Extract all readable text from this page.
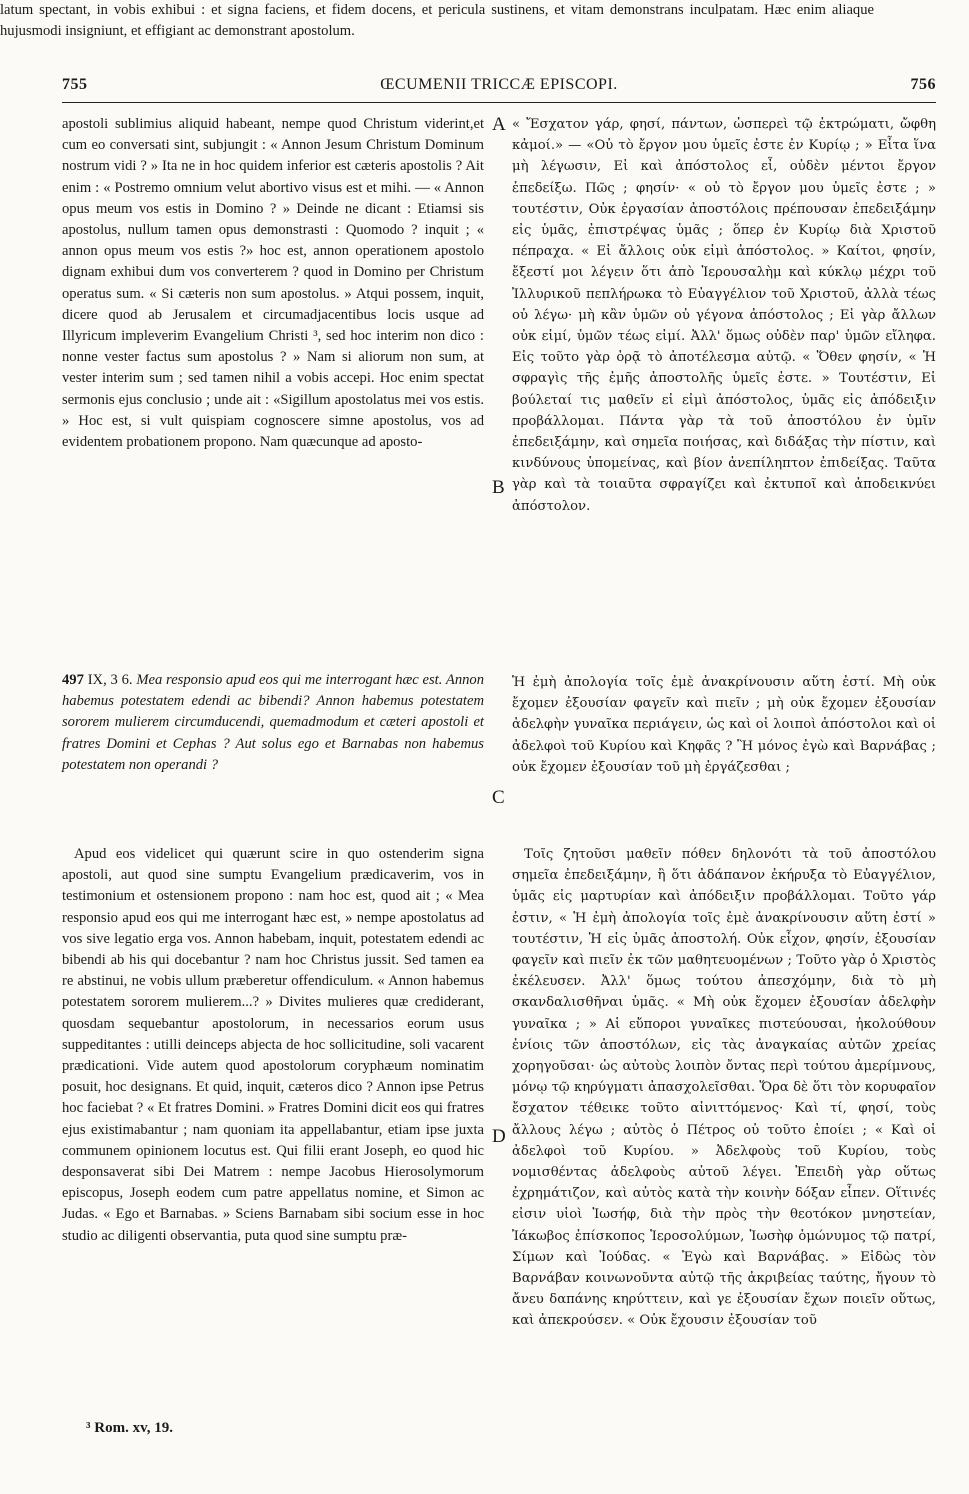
755	ŒCUMENII TRICCÆ EPISCOPI.	756

apostoli sublimius aliquid habeant, nempe quod Christum viderint,et cum eo conversati sint, subjungit : « Annon Jesum Christum Dominum nostrum vidi ? » Ita ne in hoc quidem inferior est cæteris apostolis ? Ait enim : « Postremo omnium velut abortivo visus est et mihi. — « Annon opus meum vos estis in Domino ? » Deinde ne dicant : Etiamsi sis apostolus, nullum tamen opus demonstrasti : Quomodo ? inquit ; « annon opus meum vos estis ?» hoc est, annon operationem apostolo dignam exhibui dum vos converterem ? quod in Domino per Christum operatus sum. « Si cæteris non sum apostolus. » Atqui possem, inquit, dicere quod ab Jerusalem et circumadjacentibus locis usque ad Illyricum impleverim Evangelium Christi ³, sed hoc interim non dico : nonne vester factus sum apostolus ? » Nam si aliorum non sum, at vester interim sum ; sed tamen nihil a vobis accepi. Hoc enim spectat sermonis ejus conclusio ; unde ait : «Sigillum apostolatus mei vos estis. » Hoc est, si vult quispiam cognoscere simne apostolus, vos ad evidentem probationem propono. Nam quæcunque ad aposto-

« Ἔσχατον γάρ, φησί, πάντων, ὡσπερεὶ τῷ ἐκτρώματι, ὤφθη κἀμοί.» — «Οὐ τὸ ἔργον μου ὑμεῖς ἐστε ἐν Κυρίῳ ; » Εἶτα ἵνα μὴ λέγωσιν, Εἰ καὶ ἀπόστολος εἶ, οὐδὲν μέντοι ἔργον ἐπεδείξω. Πῶς ; φησίν· « οὐ τὸ ἔργον μου ὑμεῖς ἐστε ; » τουτέστιν, Οὐκ ἐργασίαν ἀποστόλοις πρέπουσαν ἐπεδειξάμην εἰς ὑμᾶς, ἐπιστρέψας ὑμᾶς ; ὅπερ ἐν Κυρίῳ διὰ Χριστοῦ πέπραχα. « Εἰ ἄλλοις οὐκ εἰμὶ ἀπόστολος. » Καίτοι, φησίν, ἔξεστί μοι λέγειν ὅτι ἀπὸ Ἱερουσαλὴμ καὶ κύκλῳ μέχρι τοῦ Ἰλλυρικοῦ πεπλήρωκα τὸ Εὐαγγέλιον τοῦ Χριστοῦ, ἀλλὰ τέως οὐ λέγω· μὴ κἂν ὑμῶν οὐ γέγονα ἀπόστολος ; Εἰ γὰρ ἄλλων οὐκ εἰμί, ὑμῶν τέως εἰμί. Ἀλλ' ὅμως οὐδὲν παρ' ὑμῶν εἴληφα. Εἰς τοῦτο γὰρ ὁρᾷ τὸ ἀποτέλεσμα αὐτῷ. « Ὅθεν φησίν, « Ἡ σφραγὶς τῆς ἐμῆς ἀποστολῆς ὑμεῖς ἐστε. » Τουτέστιν, Εἰ βούλεταί τις μαθεῖν εἰ εἰμὶ ἀπόστολος, ὑμᾶς εἰς ἀπόδειξιν προβάλλομαι. Πάντα γὰρ τὰ τοῦ ἀποστόλου ἐν ὑμῖν ἐπεδειξάμην, καὶ σημεῖα ποιήσας, καὶ διδάξας τὴν πίστιν, καὶ κινδύνους ὑπομείνας, καὶ βίον ἀνεπίληπτον ἐπιδείξας. Ταῦτα γὰρ καὶ τὰ τοιαῦτα σφραγίζει καὶ ἐκτυποῖ καὶ ἀποδεικνύει ἀπόστολον.

A
B

latum spectant, in vobis exhibui : et signa faciens, et fidem docens, et pericula sustinens, et vitam demonstrans inculpatam. Hæc enim aliaque hujusmodi insigniunt, et effigiant ac demonstrant apostolum.

497 IX, 3 6. Mea responsio apud eos qui me interrogant hæc est. Annon habemus potestatem edendi ac bibendi? Annon habemus potestatem sororem mulierem circumducendi, quemadmodum et cæteri apostoli et fratres Domini et Cephas ? Aut solus ego et Barnabas non habemus potestatem non operandi ?

Ἡ ἐμὴ ἀπολογία τοῖς ἐμὲ ἀνακρίνουσιν αὕτη ἐστί. Μὴ οὐκ ἔχομεν ἐξουσίαν φαγεῖν καὶ πιεῖν ; μὴ οὐκ ἔχομεν ἐξουσίαν ἀδελφὴν γυναῖκα περιάγειν, ὡς καὶ οἱ λοιποὶ ἀπόστολοι καὶ οἱ ἀδελφοὶ τοῦ Κυρίου καὶ Κηφᾶς ? Ἢ μόνος ἐγὼ καὶ Βαρνάβας ; οὐκ ἔχομεν ἐξουσίαν τοῦ μὴ ἐργάζεσθαι ;

Apud eos videlicet qui quærunt scire in quo ostenderim signa apostoli, aut quod sine sumptu Evangelium prædicaverim, vos in testimonium et ostensionem propono : nam hoc est, quod ait ; « Mea responsio apud eos qui me interrogant hæc est, » nempe apostolatus ad vos sive legatio erga vos. Annon habebam, inquit, potestatem edendi ac bibendi ab his qui docebantur ? nam hoc Christus jussit. Sed tamen ea re abstinui, ne vobis ullum præberetur offendiculum. « Annon habemus potestatem sororem mulierem...? » Divites mulieres quæ crediderant, quosdam sequebantur apostolorum, in necessarios eorum usus suppeditantes : utilli deinceps abjecta de hoc sollicitudine, soli vacarent prædicationi. Vide autem quod apostolorum coryphæum nominatim posuit, hoc designans. Et quid, inquit, cæteros dico ? Annon ipse Petrus hoc faciebat ? « Et fratres Domini. » Fratres Domini dicit eos qui fratres ejus existimabantur ; nam quoniam ita appellabantur, etiam ipse juxta communem opinionem locutus est. Qui filii erant Joseph, eo quod hic desponsaverat sibi Dei Matrem : nempe Jacobus Hierosolymorum episcopus, Joseph eodem cum patre appellatus nomine, et Simon ac Judas. « Ego et Barnabas. » Sciens Barnabam sibi socium esse in hoc studio ac diligenti observantia, puta quod sine sumptu præ-

Τοῖς ζητοῦσι μαθεῖν πόθεν δηλονότι τὰ τοῦ ἀποστόλου σημεῖα ἐπεδειξάμην, ἢ ὅτι ἀδάπανον ἐκήρυξα τὸ Εὐαγγέλιον, ὑμᾶς εἰς μαρτυρίαν καὶ ἀπόδειξιν προβάλλομαι. Τοῦτο γάρ ἐστιν, « Ἡ ἐμὴ ἀπολογία τοῖς ἐμὲ ἀνακρίνουσιν αὕτη ἐστί » τουτέστιν, Ἡ εἰς ὑμᾶς ἀποστολή. Οὐκ εἶχον, φησίν, ἐξουσίαν φαγεῖν καὶ πιεῖν ἐκ τῶν μαθητευομένων ; Τοῦτο γὰρ ὁ Χριστὸς ἐκέλευσεν. Ἀλλ' ὅμως τούτου ἀπεσχόμην, διὰ τὸ μὴ σκανδαλισθῆναι ὑμᾶς. « Μὴ οὐκ ἔχομεν ἐξουσίαν ἀδελφὴν γυναῖκα ; » Αἱ εὔποροι γυναῖκες πιστεύουσαι, ἠκολούθουν ἐνίοις τῶν ἀποστόλων, εἰς τὰς ἀναγκαίας αὐτῶν χρείας χορηγοῦσαι· ὡς αὐτοὺς λοιπὸν ὄντας περὶ τούτου ἀμερίμνους, μόνῳ τῷ κηρύγματι ἀπασχολεῖσθαι. Ὅρα δὲ ὅτι τὸν κορυφαῖον ἔσχατον τέθεικε τοῦτο αἰνιττόμενος· Καὶ τί, φησί, τοὺς ἄλλους λέγω ; αὐτὸς ὁ Πέτρος οὐ τοῦτο ἐποίει ; « Καὶ οἱ ἀδελφοὶ τοῦ Κυρίου. » Ἀδελφοὺς τοῦ Κυρίου, τοὺς νομισθέντας ἀδελφοὺς αὐτοῦ λέγει. Ἐπειδὴ γὰρ οὕτως ἐχρημάτιζον, καὶ αὐτὸς κατὰ τὴν κοινὴν δόξαν εἶπεν. Οἵτινές εἰσιν υἱοὶ Ἰωσήφ, διὰ τὴν πρὸς τὴν θεοτόκον μνηστείαν, Ἰάκωβος ἐπίσκοπος Ἱεροσολύμων, Ἰωσὴφ ὁμώνυμος τῷ πατρί, Σίμων καὶ Ἰούδας. « Ἐγὼ καὶ Βαρνάβας. » Εἰδὼς τὸν Βαρνάβαν κοινωνοῦντα αὐτῷ τῆς ἀκριβείας ταύτης, ἤγουν τὸ ἄνευ δαπάνης κηρύττειν, καὶ γε ἐξουσίαν ἔχων ποιεῖν οὕτως, καὶ ἀπεκρούσεν. « Οὐκ ἔχουσιν ἐξουσίαν τοῦ

C
D
³ Rom. xv, 19.
